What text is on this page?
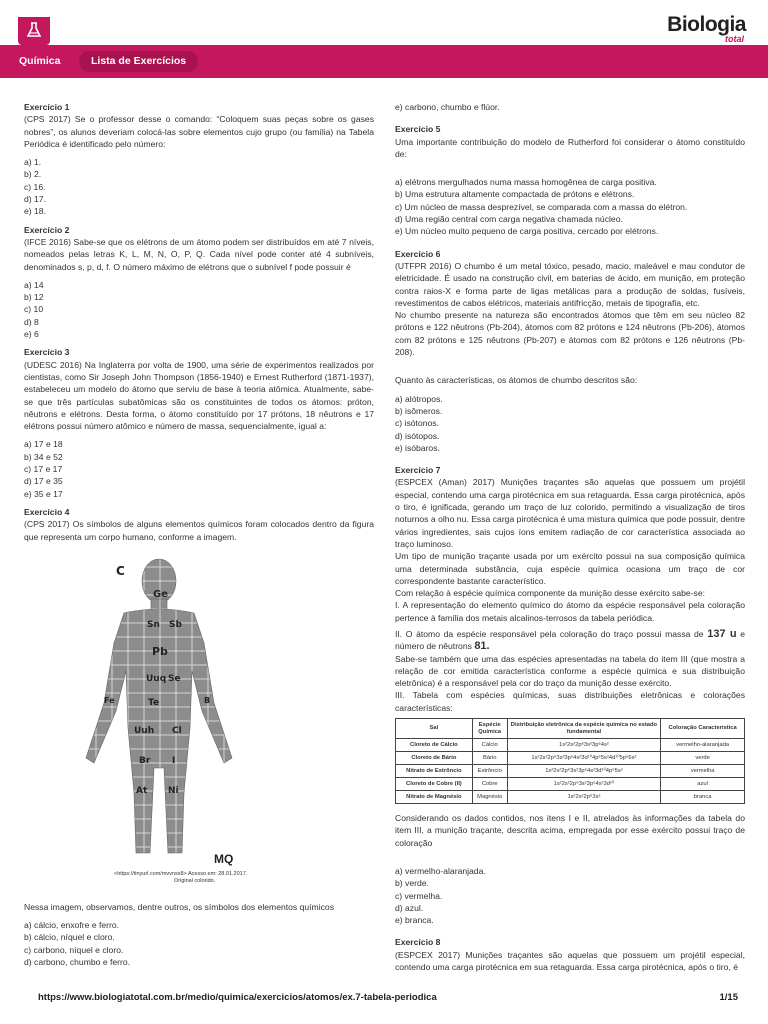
Biologia
total
Química	Lista de Exercícios

Exercício 1

(CPS 2017) Se o professor desse o comando: “Coloquem suas peças sobre os gases nobres”, os alunos deveriam colocá-las sobre elementos cujo grupo (ou família) na Tabela Periódica é identificado pelo número:

a) 1.

b) 2.

c) 16.

d) 17.

e) 18.

Exercício 2

(IFCE 2016) Sabe-se que os elétrons de um átomo podem ser distribuídos em até 7 níveis, nomeados pelas letras K, L, M, N, O, P, Q. Cada nível pode conter até 4 subníveis, denominados s, p, d, f. O número máximo de elétrons que o subnível f pode possuir é

a) 14

b) 12

c) 10

d) 8

e) 6

Exercício 3

(UDESC 2016) Na Inglaterra por volta de 1900, uma série de experimentos realizados por cientistas, como Sir Joseph John Thompson (1856-1940) e Ernest Rutherford (1871-1937), estabeleceu um modelo do átomo que serviu de base à teoria atômica. Atualmente, sabe-se que três partículas subatômicas são os constituintes de todos os átomos: próton, nêutrons e elétrons. Desta forma, o átomo constituído por 17 prótons, 18 nêutrons e 17 elétrons possui número atômico e número de massa, sequencialmente, igual a:

a) 17 e 18

b) 34 e 52

c) 17 e 17

d) 17 e 35

e) 35 e 17

Exercício 4

(CPS 2017) Os símbolos de alguns elementos químicos foram colocados dentro da figura que representa um corpo humano, conforme a imagem.

C
Ge
Sn Sb
Pb
Uuq Se
Te
Uuh Cl
Br I
At Ni
Fe	B
MQ
<https://tinyurl.com/mvvnsx8> Acesso em: 28.01.2017.
Original colorido.

Nessa imagem, observamos, dentre outros, os símbolos dos elementos químicos

a) cálcio, enxofre e ferro.

b) cálcio, níquel e cloro.

c) carbono, níquel e cloro.

d) carbono, chumbo e ferro.

e) carbono, chumbo e flúor.

Exercício 5

Uma importante contribuição do modelo de Rutherford foi considerar o átomo constituído de:

a) elétrons mergulhados numa massa homogênea de carga positiva.

b) Uma estrutura altamente compactada de prótons e elétrons.

c) Um núcleo de massa desprezível, se comparada com a massa do elétron.

d) Uma região central com carga negativa chamada núcleo.

e) Um núcleo muito pequeno de carga positiva, cercado por elétrons.

Exercício 6

(UTFPR 2016) O chumbo é um metal tóxico, pesado, macio, maleável e mau condutor de eletricidade. É usado na construção civil, em baterias de ácido, em munição, em proteção contra raios-X e forma parte de ligas metálicas para a produção de soldas, fusíveis, revestimentos de cabos elétricos, materiais antifricção, metais de tipografia, etc.

No chumbo presente na natureza são encontrados átomos que têm em seu núcleo 82 prótons e 122 nêutrons (Pb-204), átomos com 82 prótons e 124 nêutrons (Pb-206), átomos com 82 prótons e 125 nêutrons (Pb-207) e átomos com 82 prótons e 126 nêutrons (Pb-208).

Quanto às características, os átomos de chumbo descritos são:

a) alótropos.

b) isômeros.

c) isótonos.

d) isótopos.

e) isóbaros.

Exercício 7

(ESPCEX (Aman) 2017) Munições traçantes são aquelas que possuem um projétil especial, contendo uma carga pirotécnica em sua retaguarda. Essa carga pirotécnica, após o tiro, é ignificada, gerando um traço de luz colorido, permitindo a visualização de tiros noturnos a olho nu. Essa carga pirotécnica é uma mistura química que pode possuir, dentre vários ingredientes, sais cujos íons emitem radiação de cor característica associada ao traço luminoso.

Um tipo de munição traçante usada por um exército possui na sua composição química uma determinada substância, cuja espécie química ocasiona um traço de cor correspondente bastante característico.

Com relação à espécie química componente da munição desse exército sabe-se:

I. A representação do elemento químico do átomo da espécie responsável pela coloração pertence à família dos metais alcalinos-terrosos da tabela periódica.

II. O átomo da espécie responsável pela coloração do traço possui massa de 137 u e número de nêutrons 81.

Sabe-se também que uma das espécies apresentadas na tabela do item III (que mostra a relação de cor emitida característica conforme a espécie química e sua distribuição eletrônica) é a responsável pela cor do traço da munição desse exército.

III. Tabela com espécies químicas, suas distribuições eletrônicas e colorações características:

Sal	Espécie Química	Distribuição eletrônica da espécie química no estado fundamental	Coloração Característica
Cloreto de Cálcio	Cálcio	1s²2s²2p⁶3s²3p⁶4s²	vermelho-alaranjada
Cloreto de Bário	Bário	1s²2s²2p⁶3s²3p⁶4s²3d¹⁰4p⁶5s²4d¹⁰5p⁶6s²	verde
Nitrato de Estrôncio	Estrôncio	1s²2s²2p⁶3s²3p⁶4s²3d¹⁰4p⁶5s²	vermelha
Cloreto de Cobre (II)	Cobre	1s²2s²2p⁶3s²3p⁶4s¹3d¹⁰	azul
Nitrato de Magnésio	Magnésio	1s²2s²2p⁶3s²	branca

Considerando os dados contidos, nos itens I e II, atrelados às informações da tabela do item III, a munição traçante, descrita acima, empregada por esse exército possui traço de coloração

a) vermelho-alaranjada.

b) verde.

c) vermelha.

d) azul.

e) branca.

Exercício 8

(ESPCEX 2017) Munições traçantes são aquelas que possuem um projétil especial, contendo uma carga pirotécnica em sua retaguarda. Essa carga pirotécnica, após o tiro, é

https://www.biologiatotal.com.br/medio/quimica/exercicios/atomos/ex.7-tabela-periodica	1/15
